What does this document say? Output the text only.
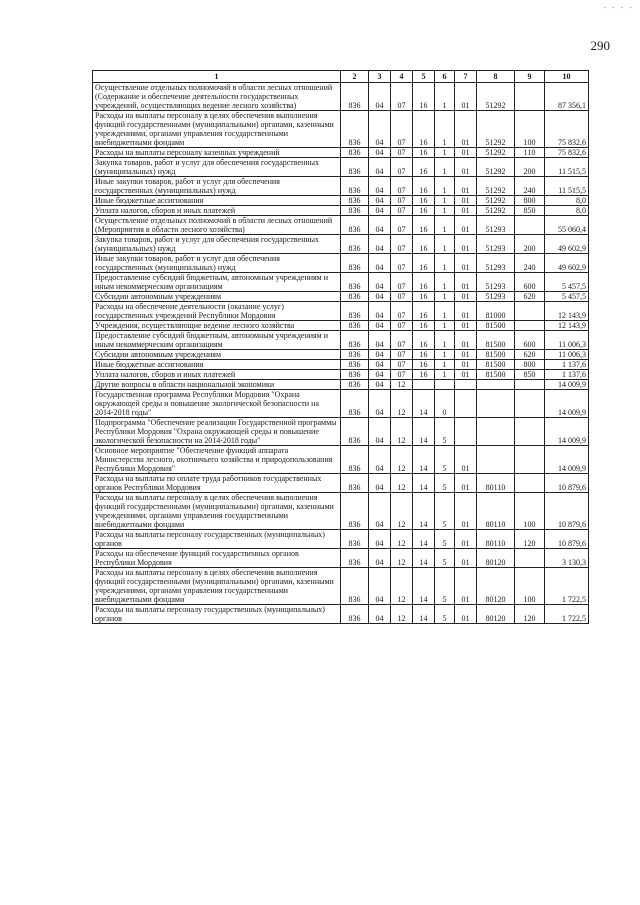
- - - -
290
1	2	3	4	5	6	7	8	9	10
Осуществление отдельных полномочий в области лесных отношений (Содержание и обеспечение деятельности государственных учреждений, осуществляющих ведение лесного хозяйства)	836	04	07	16	1	01	51292		87 356,1
Расходы на выплаты персоналу в целях обеспечения выполнения функций государственными (муниципальными) органами, казенными учреждениями, органами управления государственными внебюджетными фондами	836	04	07	16	1	01	51292	100	75 832,6
Расходы на выплаты персоналу казенных учреждений	836	04	07	16	1	01	51292	110	75 832,6
Закупка товаров, работ и услуг для обеспечения государственных (муниципальных) нужд	836	04	07	16	1	01	51292	200	11 515,5
Иные закупки товаров, работ и услуг для обеспечения государственных (муниципальных) нужд	836	04	07	16	1	01	51292	240	11 515,5
Иные бюджетные ассигнования	836	04	07	16	1	01	51292	800	8,0
Уплата налогов, сборов и иных платежей	836	04	07	16	1	01	51292	850	8,0
Осуществление отдельных полномочий в области лесных отношений (Мероприятия в области лесного хозяйства)	836	04	07	16	1	01	51293		55 060,4
Закупка товаров, работ и услуг для обеспечения государственных (муниципальных) нужд	836	04	07	16	1	01	51293	200	49 602,9
Иные закупки товаров, работ и услуг для обеспечения государственных (муниципальных) нужд	836	04	07	16	1	01	51293	240	49 602,9
Предоставление субсидий бюджетным, автономным учреждениям и иным некоммерческим организациям	836	04	07	16	1	01	51293	600	5 457,5
Субсидии автономным учреждениям	836	04	07	16	1	01	51293	620	5 457,5
Расходы на обеспечение деятельности (оказание услуг) государственных учреждений Республики Мордовия	836	04	07	16	1	01	81000		12 143,9
Учреждения, осуществляющие ведение лесного хозяйства	836	04	07	16	1	01	81500		12 143,9
Предоставление субсидий бюджетным, автономным учреждениям и иным некоммерческим организациям	836	04	07	16	1	01	81500	600	11 006,3
Субсидии автономным учреждениям	836	04	07	16	1	01	81500	620	11 006,3
Иные бюджетные ассигнования	836	04	07	16	1	01	81500	800	1 137,6
Уплата налогов, сборов и иных платежей	836	04	07	16	1	01	81500	850	1 137,6
Другие вопросы в области национальной экономики	836	04	12						14 009,9
Государственная программа Республики Мордовия "Охрана окружающей среды и повышение экологической безопасности на 2014-2018 годы"	836	04	12	14	0				14 009,9
Подпрограмма "Обеспечение реализации Государственной программы Республики Мордовия "Охрана окружающей среды и повышение экологической безопасности на 2014-2018 годы"	836	04	12	14	5				14 009,9
Основное мероприятие "Обеспечение функций аппарата Министерства лесного, охотничьего хозяйства и природопользования Республики Мордовия"	836	04	12	14	5	01			14 009,9
Расходы на выплаты по оплате труда работников государственных органов Республики Мордовия	836	04	12	14	5	01	80110		10 879,6
Расходы на выплаты персоналу в целях обеспечения выполнения функций государственными (муниципальными) органами, казенными учреждениями, органами управления государственными внебюджетными фондами	836	04	12	14	5	01	80110	100	10 879,6
Расходы на выплаты персоналу государственных (муниципальных) органов	836	04	12	14	5	01	80110	120	10 879,6
Расходы на обеспечение функций государственных органов Республики Мордовия	836	04	12	14	5	01	80120		3 130,3
Расходы на выплаты персоналу в целях обеспечения выполнения функций государственными (муниципальными) органами, казенными учреждениями, органами управления государственными внебюджетными фондами	836	04	12	14	5	01	80120	100	1 722,5
Расходы на выплаты персоналу государственных (муниципальных) органов	836	04	12	14	5	01	80120	120	1 722,5
